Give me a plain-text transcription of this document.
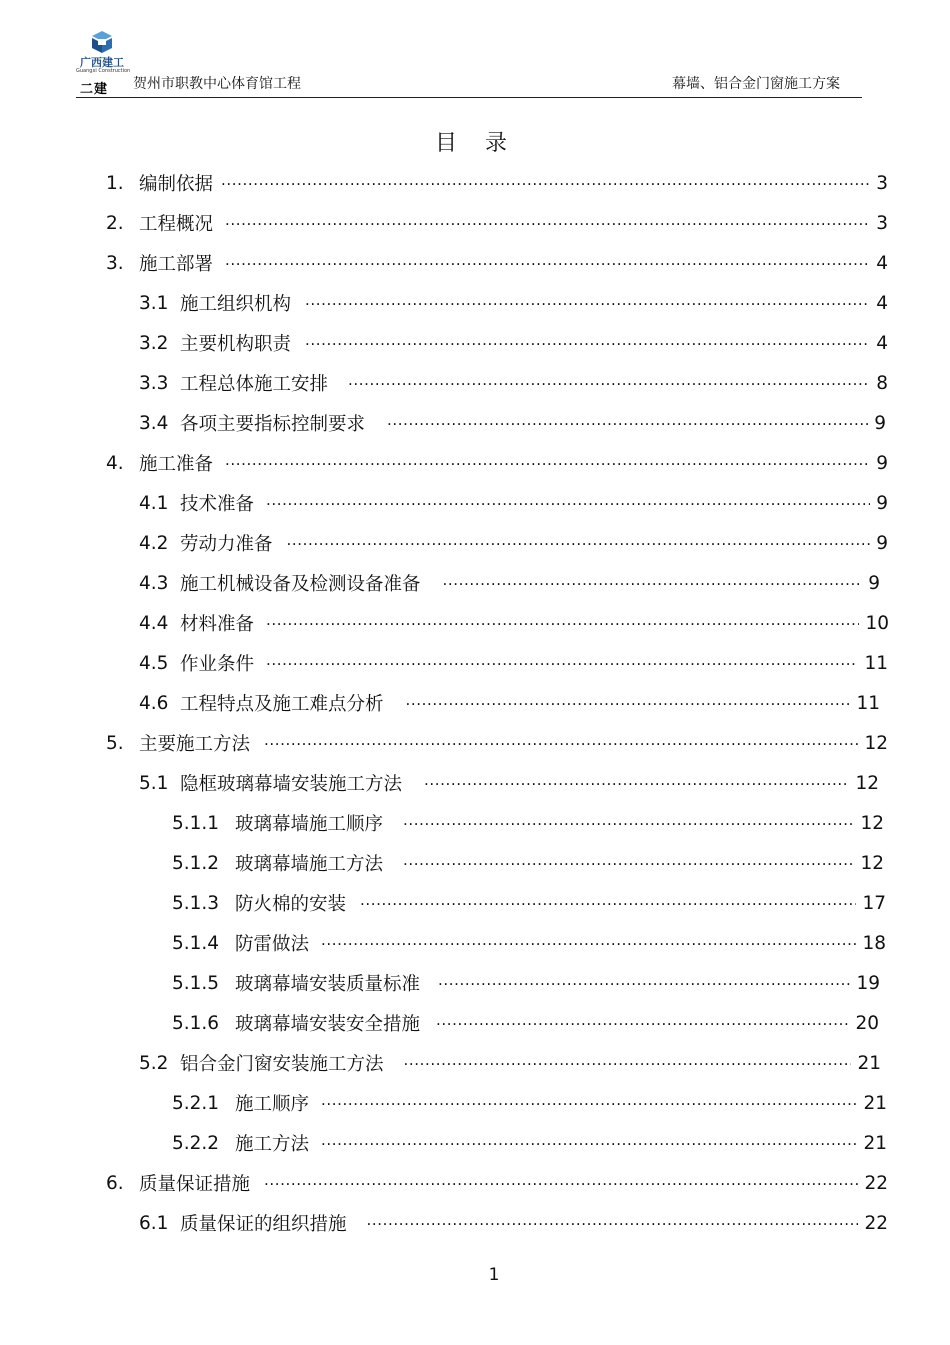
广西建工
Guangxi Construction
二建 贺州市职教中心体育馆工程	幕墙、铝合金门窗施工方案
目录
1. 编制依据 .....	3
2. 工程概况 .....	3
3. 施工部署 .....	4
3.1 施工组织机构 .....	4
3.2 主要机构职责 .....	4
3.3 工程总体施工安排 .....	8
3.4 各项主要指标控制要求 .....	9
4. 施工准备 .....	9
4.1 技术准备 .....	9
4.2 劳动力准备 .....	9
4.3 施工机械设备及检测设备准备 .....	9
4.4 材料准备 .....	10
4.5 作业条件 .....	11
4.6 工程特点及施工难点分析 .....	11
5. 主要施工方法 .....	12
5.1 隐框玻璃幕墙安装施工方法 .....	12
5.1.1 玻璃幕墙施工顺序 .....	12
5.1.2 玻璃幕墙施工方法 .....	12
5.1.3 防火棉的安装 .....	17
5.1.4 防雷做法 .....	18
5.1.5 玻璃幕墙安装质量标准 .....	19
5.1.6 玻璃幕墙安装安全措施 .....	20
5.2 铝合金门窗安装施工方法 .....	21
5.2.1 施工顺序 .....	21
5.2.2 施工方法 .....	21
6. 质量保证措施 .....	22
6.1 质量保证的组织措施 .....	22
1
